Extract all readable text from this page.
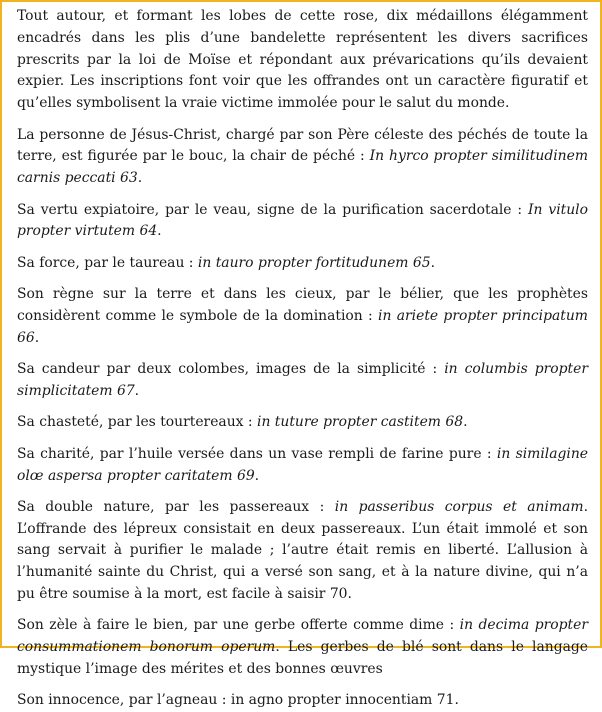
Tout autour, et formant les lobes de cette rose, dix médaillons élégamment encadrés dans les plis d’une bandelette représentent les divers sacrifices prescrits par la loi de Moïse et répondant aux prévarications qu’ils devaient expier. Les inscriptions font voir que les offrandes ont un caractère figuratif et qu’elles symbolisent la vraie victime immolée pour le salut du monde.

La personne de Jésus-Christ, chargé par son Père céleste des péchés de toute la terre, est figurée par le bouc, la chair de péché : In hyrco propter similitudinem carnis peccati 63.

Sa vertu expiatoire, par le veau, signe de la purification sacerdotale : In vitulo propter virtutem 64.

Sa force, par le taureau : in tauro propter fortitudunem 65.

Son règne sur la terre et dans les cieux, par le bélier, que les prophètes considèrent comme le symbole de la domination : in ariete propter principatum 66.

Sa candeur par deux colombes, images de la simplicité : in columbis propter simplicitatem 67.

Sa chasteté, par les tourtereaux : in tuture propter castitem 68.

Sa charité, par l’huile versée dans un vase rempli de farine pure : in similagine olœ aspersa propter caritatem 69.

Sa double nature, par les passereaux : in passeribus corpus et animam. L’offrande des lépreux consistait en deux passereaux. L’un était immolé et son sang servait à purifier le malade ; l’autre était remis en liberté. L’allusion à l’humanité sainte du Christ, qui a versé son sang, et à la nature divine, qui n’a pu être soumise à la mort, est facile à saisir 70.

Son zèle à faire le bien, par une gerbe offerte comme dime : in decima propter consummationem bonorum operum. Les gerbes de blé sont dans le langage mystique l’image des mérites et des bonnes œuvres

Son innocence, par l’agneau : in agno propter innocentiam 71.
